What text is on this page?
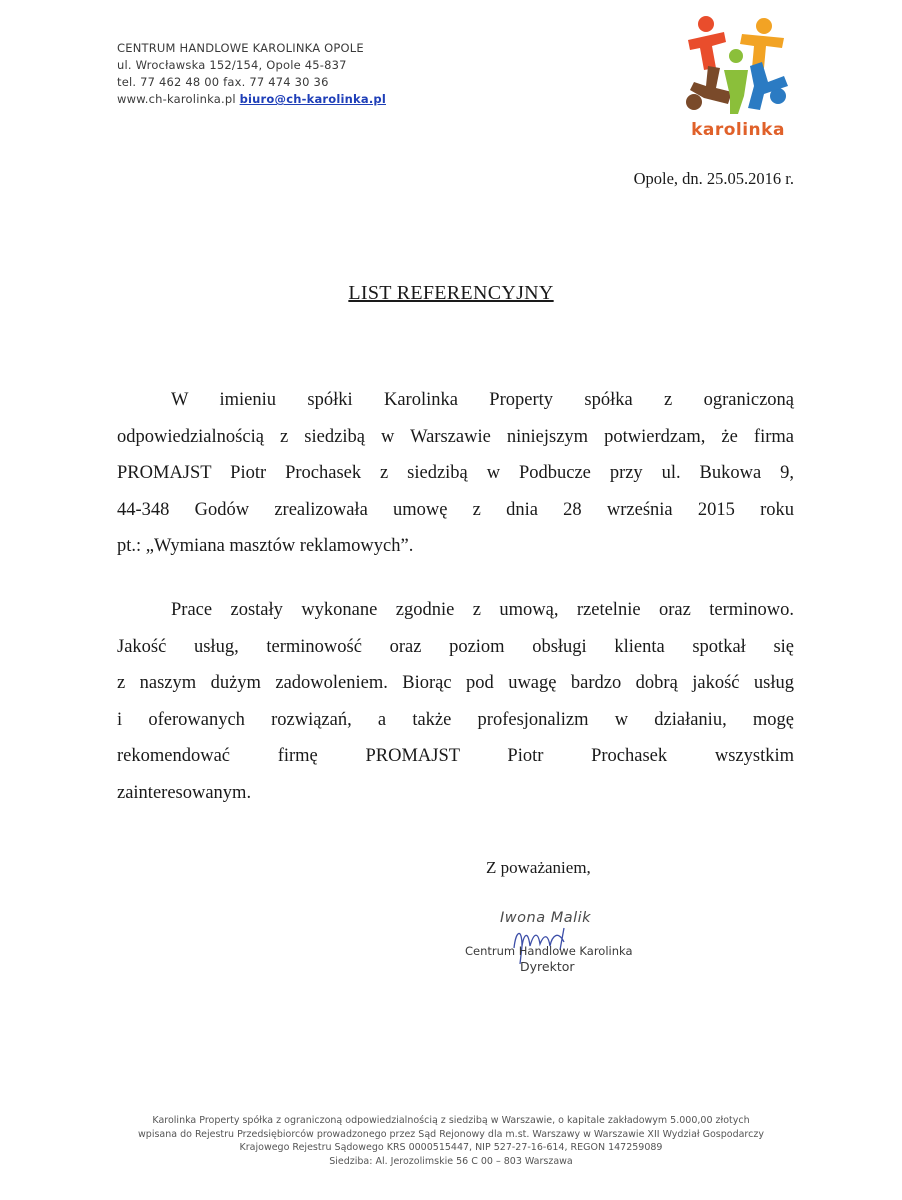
CENTRUM HANDLOWE KAROLINKA OPOLE
ul. Wrocławska 152/154, Opole 45-837
tel. 77 462 48 00 fax. 77 474 30 36
www.ch-karolinka.pl biuro@ch-karolinka.pl
karolinka
Opole, dn. 25.05.2016 r.
LIST REFERENCYJNY
W imieniu spółki Karolinka Property spółka z ograniczoną
odpowiedzialnością z siedzibą w Warszawie niniejszym potwierdzam, że firma
PROMAJST Piotr Prochasek z siedzibą w Podbuczе przy ul. Bukowa 9,
44-348 Godów zrealizowała umowę z dnia 28 września 2015 roku
pt.: „Wymiana masztów reklamowych”.
Prace zostały wykonane zgodnie z umową, rzetelnie oraz terminowo.
Jakość usług, terminowość oraz poziom obsługi klienta spotkał się
z naszym dużym zadowoleniem. Biorąc pod uwagę bardzo dobrą jakość usług
i oferowanych rozwiązań, a także profesjonalizm w działaniu, mogę
rekomendować firmę PROMAJST Piotr Prochasek wszystkim
zainteresowanym.
Z poważaniem,
Iwona Malik
Centrum Handlowe Karolinka
Dyrektor
Karolinka Property spółka z ograniczoną odpowiedzialnością z siedzibą w Warszawie, o kapitale zakładowym 5.000,00 złotych
wpisana do Rejestru Przedsiębiorców prowadzonego przez Sąd Rejonowy dla m.st. Warszawy w Warszawie XII Wydział Gospodarczy
Krajowego Rejestru Sądowego KRS 0000515447, NIP 527-27-16-614, REGON 147259089
Siedziba: Al. Jerozolimskie 56 C 00 – 803 Warszawa
